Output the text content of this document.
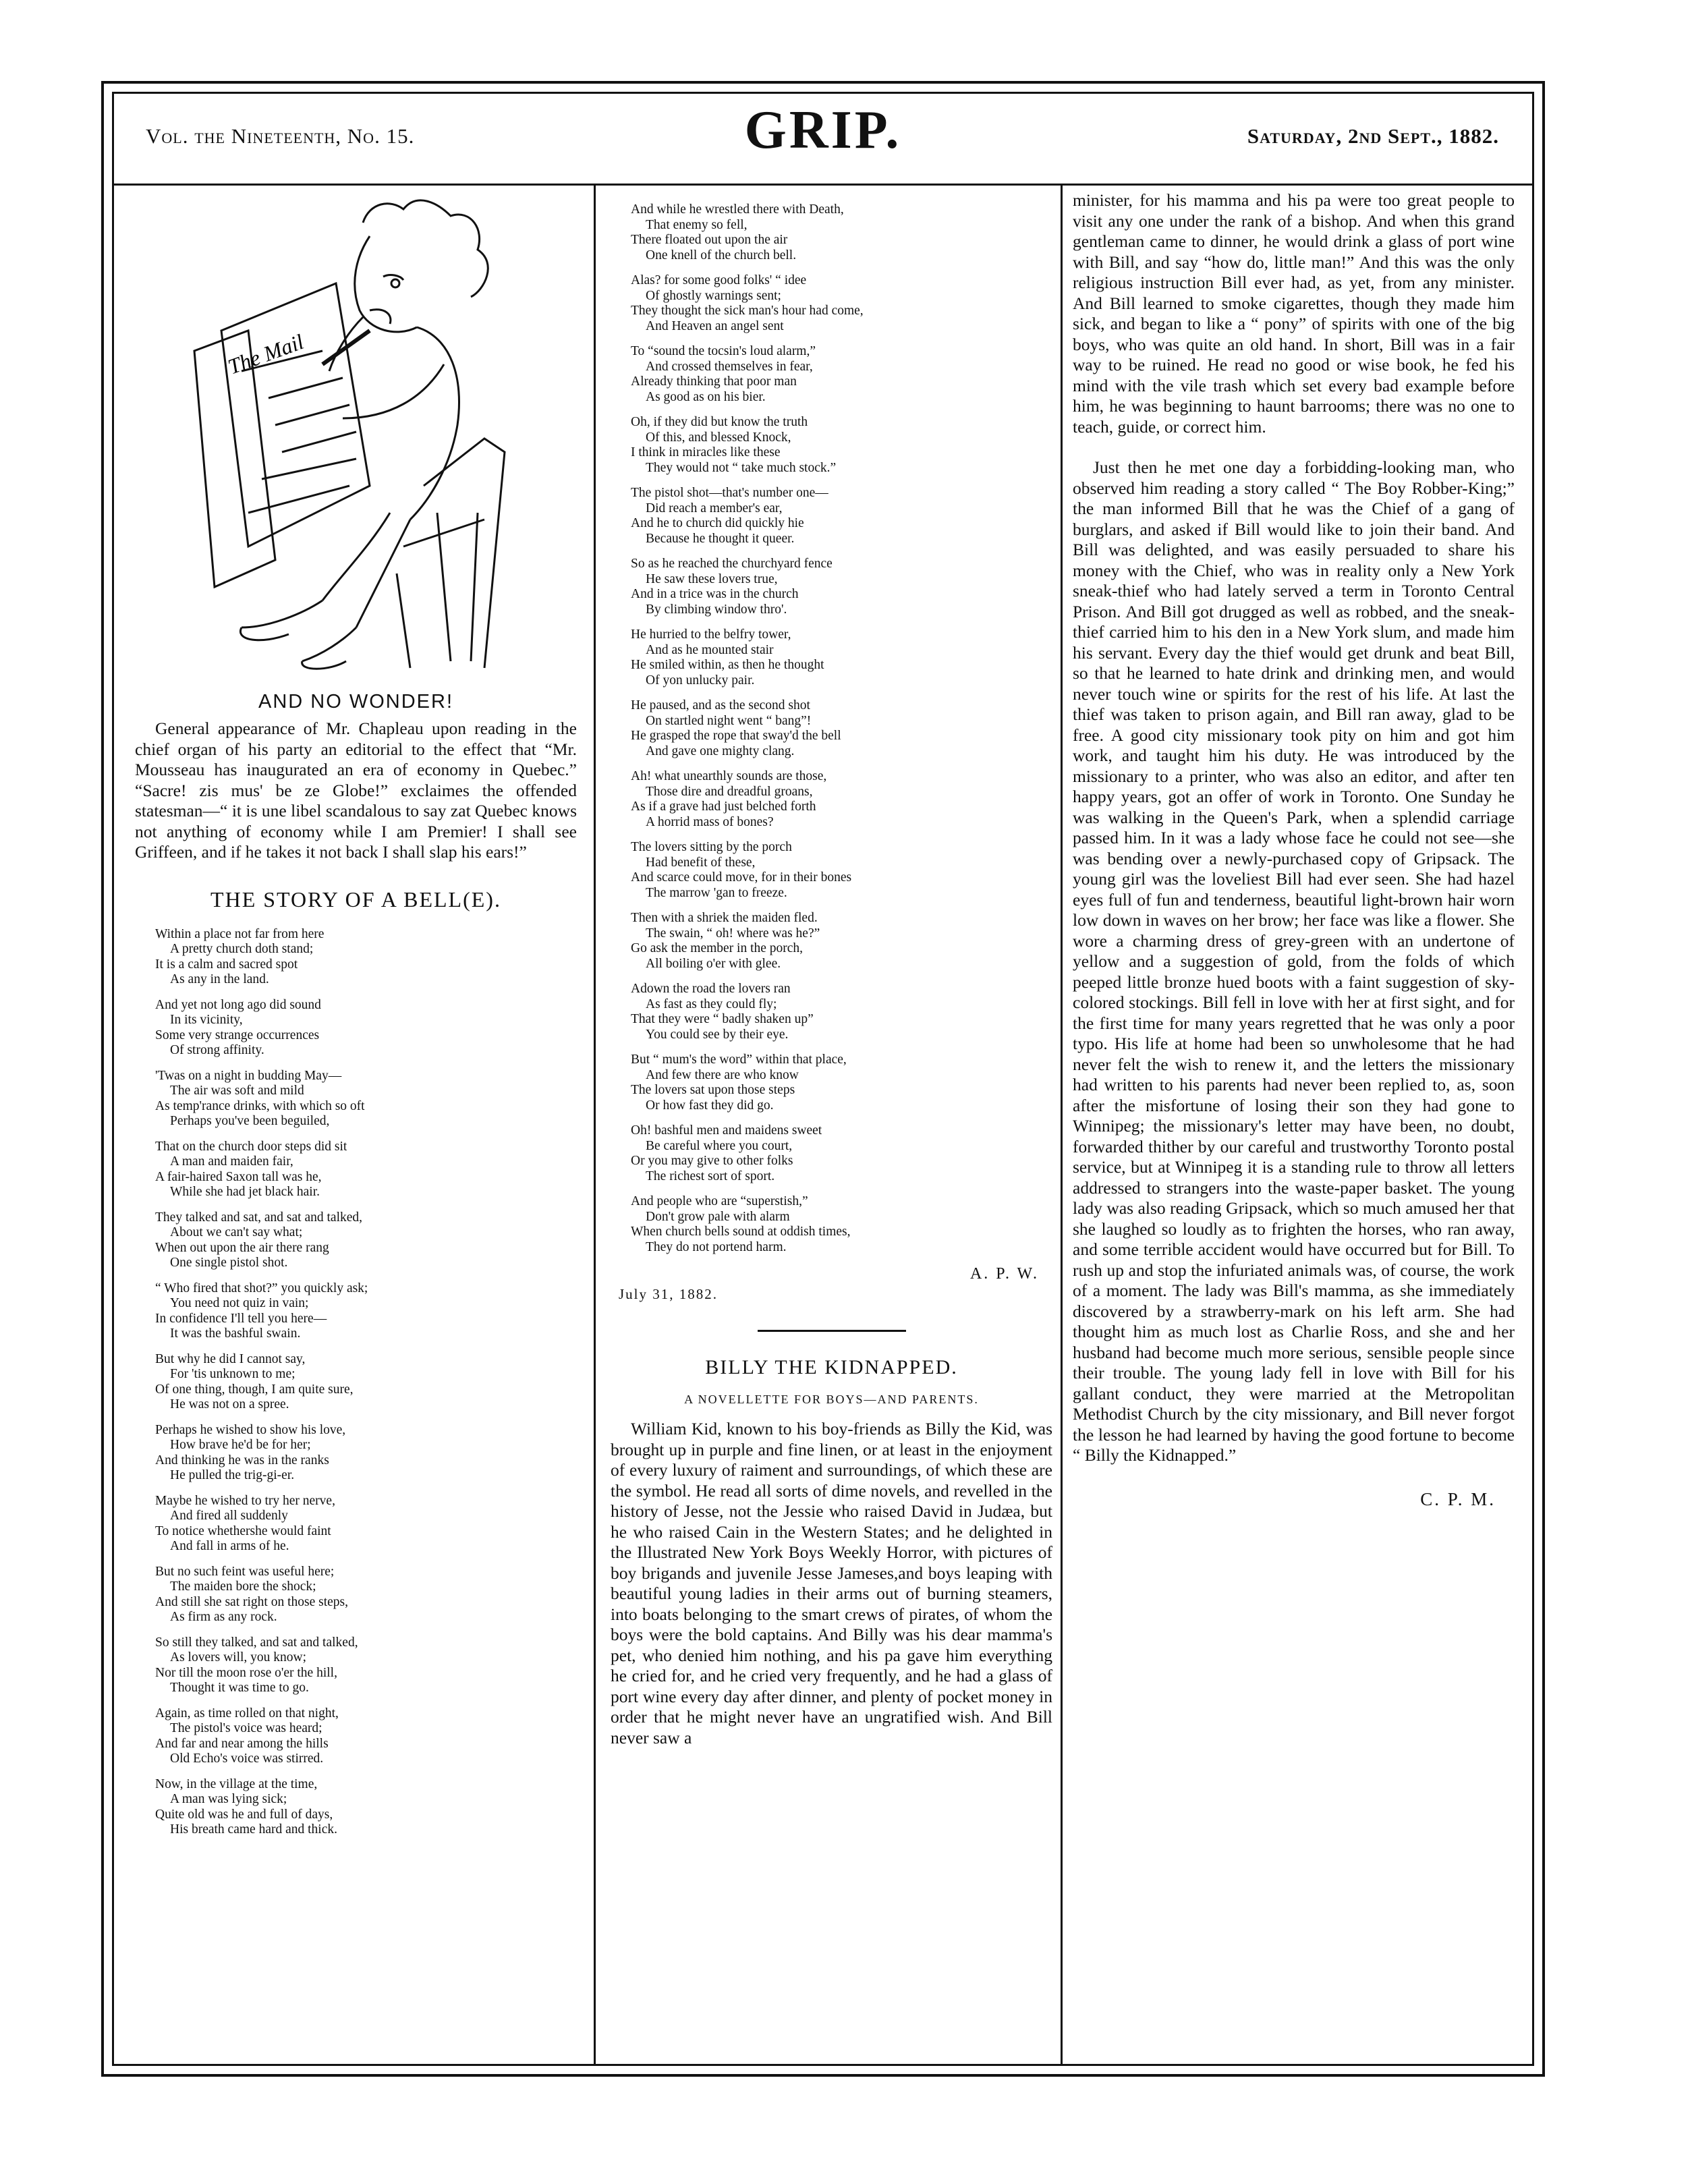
Vol. the Nineteenth, No. 15.	GRIP.	Saturday, 2nd Sept., 1882.
The Mail
AND NO WONDER!

General appearance of Mr. Chapleau upon reading in the chief organ of his party an editorial to the effect that “Mr. Mousseau has inaugurated an era of economy in Quebec.” “Sacre! zis mus' be ze Globe!” exclaimes the offended statesman—“ it is une libel scandalous to say zat Quebec knows not anything of economy while I am Premier! I shall see Griffeen, and if he takes it not back I shall slap his ears!”

THE STORY OF A BELL(E).
Within a place not far from here
A pretty church doth stand;
It is a calm and sacred spot
As any in the land.
And yet not long ago did sound
In its vicinity,
Some very strange occurrences
Of strong affinity.
'Twas on a night in budding May—
The air was soft and mild
As temp'rance drinks, with which so oft
Perhaps you've been beguiled,
That on the church door steps did sit
A man and maiden fair,
A fair-haired Saxon tall was he,
While she had jet black hair.
They talked and sat, and sat and talked,
About we can't say what;
When out upon the air there rang
One single pistol shot.
“ Who fired that shot?” you quickly ask;
You need not quiz in vain;
In confidence I'll tell you here—
It was the bashful swain.
But why he did I cannot say,
For 'tis unknown to me;
Of one thing, though, I am quite sure,
He was not on a spree.
Perhaps he wished to show his love,
How brave he'd be for her;
And thinking he was in the ranks
He pulled the trig-gi-er.
Maybe he wished to try her nerve,
And fired all suddenly
To notice whethershe would faint
And fall in arms of he.
But no such feint was useful here;
The maiden bore the shock;
And still she sat right on those steps,
As firm as any rock.
So still they talked, and sat and talked,
As lovers will, you know;
Nor till the moon rose o'er the hill,
Thought it was time to go.
Again, as time rolled on that night,
The pistol's voice was heard;
And far and near among the hills
Old Echo's voice was stirred.
Now, in the village at the time,
A man was lying sick;
Quite old was he and full of days,
His breath came hard and thick.
And while he wrestled there with Death,
That enemy so fell,
There floated out upon the air
One knell of the church bell.
Alas? for some good folks' “ idee
Of ghostly warnings sent;
They thought the sick man's hour had come,
And Heaven an angel sent
To “sound the tocsin's loud alarm,”
And crossed themselves in fear,
Already thinking that poor man
As good as on his bier.
Oh, if they did but know the truth
Of this, and blessed Knock,
I think in miracles like these
They would not “ take much stock.”
The pistol shot—that's number one—
Did reach a member's ear,
And he to church did quickly hie
Because he thought it queer.
So as he reached the churchyard fence
He saw these lovers true,
And in a trice was in the church
By climbing window thro'.
He hurried to the belfry tower,
And as he mounted stair
He smiled within, as then he thought
Of yon unlucky pair.
He paused, and as the second shot
On startled night went “ bang”!
He grasped the rope that sway'd the bell
And gave one mighty clang.
Ah! what unearthly sounds are those,
Those dire and dreadful groans,
As if a grave had just belched forth
A horrid mass of bones?
The lovers sitting by the porch
Had benefit of these,
And scarce could move, for in their bones
The marrow 'gan to freeze.
Then with a shriek the maiden fled.
The swain, “ oh! where was he?”
Go ask the member in the porch,
All boiling o'er with glee.
Adown the road the lovers ran
As fast as they could fly;
That they were “ badly shaken up”
You could see by their eye.
But “ mum's the word” within that place,
And few there are who know
The lovers sat upon those steps
Or how fast they did go.
Oh! bashful men and maidens sweet
Be careful where you court,
Or you may give to other folks
The richest sort of sport.
And people who are “superstish,”
Don't grow pale with alarm
When church bells sound at oddish times,
They do not portend harm.
A. P. W.
July 31, 1882.
BILLY THE KIDNAPPED.
A NOVELLETTE FOR BOYS—AND PARENTS.

William Kid, known to his boy-friends as Billy the Kid, was brought up in purple and fine linen, or at least in the enjoyment of every luxury of raiment and surroundings, of which these are the symbol. He read all sorts of dime novels, and revelled in the history of Jesse, not the Jessie who raised David in Judæa, but he who raised Cain in the Western States; and he delighted in the Illustrated New York Boys Weekly Horror, with pictures of boy brigands and juvenile Jesse Jameses,and boys leaping with beautiful young ladies in their arms out of burning steamers, into boats belonging to the smart crews of pirates, of whom the boys were the bold captains. And Billy was his dear mamma's pet, who denied him nothing, and his pa gave him everything he cried for, and he cried very frequently, and he had a glass of port wine every day after dinner, and plenty of pocket money in order that he might never have an ungratified wish. And Bill never saw a

minister, for his mamma and his pa were too great people to visit any one under the rank of a bishop. And when this grand gentleman came to dinner, he would drink a glass of port wine with Bill, and say “how do, little man!” And this was the only religious instruction Bill ever had, as yet, from any minister. And Bill learned to smoke cigarettes, though they made him sick, and began to like a “ pony” of spirits with one of the big boys, who was quite an old hand. In short, Bill was in a fair way to be ruined. He read no good or wise book, he fed his mind with the vile trash which set every bad example before him, he was beginning to haunt barrooms; there was no one to teach, guide, or correct him.

Just then he met one day a forbidding-looking man, who observed him reading a story called “ The Boy Robber-King;” the man informed Bill that he was the Chief of a gang of burglars, and asked if Bill would like to join their band. And Bill was delighted, and was easily persuaded to share his money with the Chief, who was in reality only a New York sneak-thief who had lately served a term in Toronto Central Prison. And Bill got drugged as well as robbed, and the sneak-thief carried him to his den in a New York slum, and made him his servant. Every day the thief would get drunk and beat Bill, so that he learned to hate drink and drinking men, and would never touch wine or spirits for the rest of his life. At last the thief was taken to prison again, and Bill ran away, glad to be free. A good city missionary took pity on him and got him work, and taught him his duty. He was introduced by the missionary to a printer, who was also an editor, and after ten happy years, got an offer of work in Toronto. One Sunday he was walking in the Queen's Park, when a splendid carriage passed him. In it was a lady whose face he could not see—she was bending over a newly-purchased copy of Gripsack. The young girl was the loveliest Bill had ever seen. She had hazel eyes full of fun and tenderness, beautiful light-brown hair worn low down in waves on her brow; her face was like a flower. She wore a charming dress of grey-green with an undertone of yellow and a suggestion of gold, from the folds of which peeped little bronze hued boots with a faint suggestion of sky-colored stockings. Bill fell in love with her at first sight, and for the first time for many years regretted that he was only a poor typo. His life at home had been so unwholesome that he had never felt the wish to renew it, and the letters the missionary had written to his parents had never been replied to, as, soon after the misfortune of losing their son they had gone to Winnipeg; the missionary's letter may have been, no doubt, forwarded thither by our careful and trustworthy Toronto postal service, but at Winnipeg it is a standing rule to throw all letters addressed to strangers into the waste-paper basket. The young lady was also reading Gripsack, which so much amused her that she laughed so loudly as to frighten the horses, who ran away, and some terrible accident would have occurred but for Bill. To rush up and stop the infuriated animals was, of course, the work of a moment. The lady was Bill's mamma, as she immediately discovered by a strawberry-mark on his left arm. She had thought him as much lost as Charlie Ross, and she and her husband had become much more serious, sensible people since their trouble. The young lady fell in love with Bill for his gallant conduct, they were married at the Metropolitan Methodist Church by the city missionary, and Bill never forgot the lesson he had learned by having the good fortune to become “ Billy the Kidnapped.”

C. P. M.
